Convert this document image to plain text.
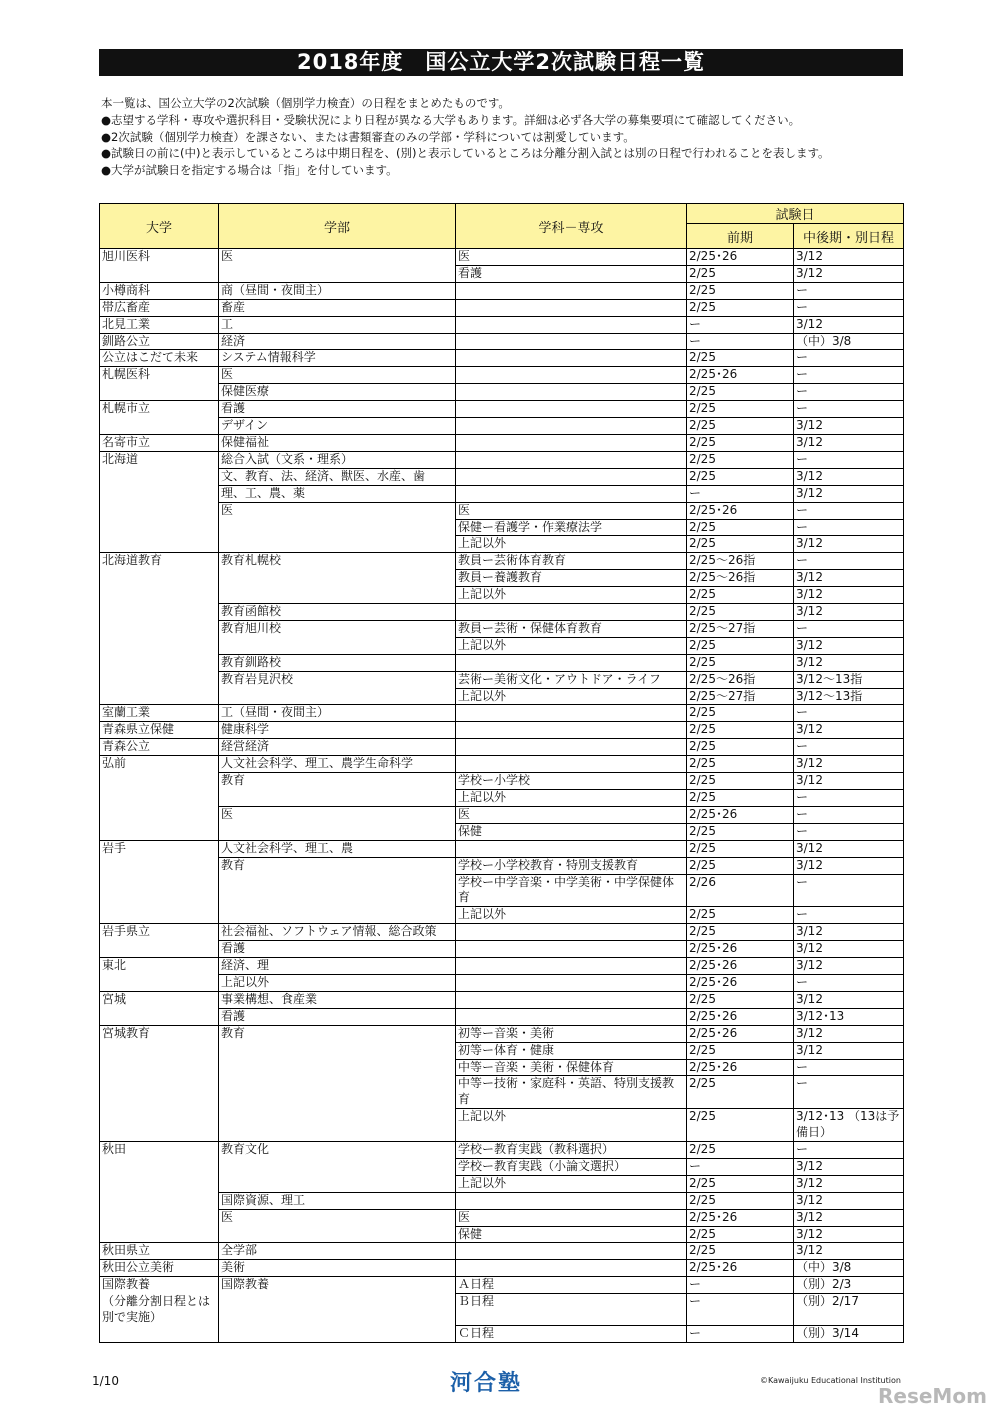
2018年度　国公立大学2次試験日程一覧
本一覧は、国公立大学の2次試験（個別学力検査）の日程をまとめたものです。
●志望する学科・専攻や選択科目・受験状況により日程が異なる大学もあります。詳細は必ず各大学の募集要項にて確認してください。
●2次試験（個別学力検査）を課さない、または書類審査のみの学部・学科については割愛しています。
●試験日の前に(中)と表示しているところは中期日程を、(別)と表示しているところは分離分割入試とは別の日程で行われることを表します。
●大学が試験日を指定する場合は「指」を付しています。
大学	学部	学科－専攻	試験日	
			前期	中後期・別日程
旭川医科	医	医	2/25･26	3/12
		看護	2/25	3/12
小樽商科	商（昼間・夜間主）		2/25	ー
帯広畜産	畜産		2/25	ー
北見工業	工		ー	3/12
釧路公立	経済		ー	（中）3/8
公立はこだて未来	システム情報科学		2/25	ー
札幌医科	医		2/25･26	ー
	保健医療		2/25	ー
札幌市立	看護		2/25	ー
	デザイン		2/25	3/12
名寄市立	保健福祉		2/25	3/12
北海道	総合入試（文系・理系）		2/25	ー
	文、教育、法、経済、獣医、水産、歯		2/25	3/12
	理、工、農、薬		ー	3/12
	医	医	2/25･26	ー
		保健ー看護学・作業療法学	2/25	ー
		上記以外	2/25	3/12
北海道教育	教育札幌校	教員ー芸術体育教育	2/25～26指	ー
		教員ー養護教育	2/25～26指	3/12
		上記以外	2/25	3/12
	教育函館校		2/25	3/12
	教育旭川校	教員ー芸術・保健体育教育	2/25～27指	ー
		上記以外	2/25	3/12
	教育釧路校		2/25	3/12
	教育岩見沢校	芸術ー美術文化・アウトドア・ライフ	2/25～26指	3/12～13指
		上記以外	2/25～27指	3/12～13指
室蘭工業	工（昼間・夜間主）		2/25	ー
青森県立保健	健康科学		2/25	3/12
青森公立	経営経済		2/25	ー
弘前	人文社会科学、理工、農学生命科学		2/25	3/12
	教育	学校ー小学校	2/25	3/12
		上記以外	2/25	ー
	医	医	2/25･26	ー
		保健	2/25	ー
岩手	人文社会科学、理工、農		2/25	3/12
	教育	学校ー小学校教育・特別支援教育	2/25	3/12
		学校ー中学音楽・中学美術・中学保健体育	2/26	ー
		上記以外	2/25	ー
岩手県立	社会福祉、ソフトウェア情報、総合政策		2/25	3/12
	看護		2/25･26	3/12
東北	経済、理		2/25･26	3/12
	上記以外		2/25･26	ー
宮城	事業構想、食産業		2/25	3/12
	看護		2/25･26	3/12･13
宮城教育	教育	初等ー音楽・美術	2/25･26	3/12
		初等ー体育・健康	2/25	3/12
		中等ー音楽・美術・保健体育	2/25･26	ー
		中等ー技術・家庭科・英語、特別支援教育	2/25	ー
		上記以外	2/25	3/12･13 （13は予備日）
秋田	教育文化	学校ー教育実践（教科選択）	2/25	ー
		学校ー教育実践（小論文選択）	ー	3/12
		上記以外	2/25	3/12
	国際資源、理工		2/25	3/12
	医	医	2/25･26	3/12
		保健	2/25	3/12
秋田県立	全学部		2/25	3/12
秋田公立美術	美術		2/25･26	（中）3/8
国際教養	国際教養	Ａ日程	ー	（別）2/3
（分離分割日程とは別で実施）		Ｂ日程	ー	（別）2/17
		Ｃ日程	ー	（別）3/14
1/10	河合塾	©Kawaijuku Educational Institution
ReseMom
